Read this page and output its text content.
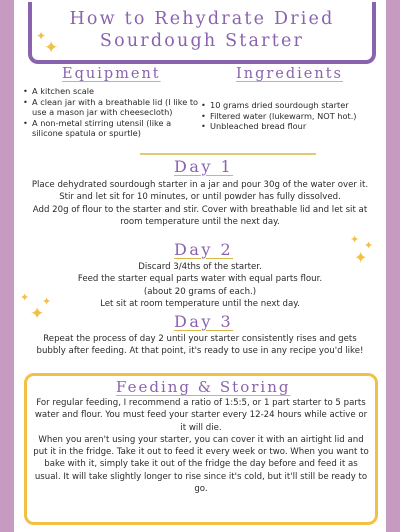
How to Rehydrate Dried
Sourdough Starter
✦
✦
Equipment
• A kitchen scale
• A clean jar with a breathable lid (I like to use a mason jar with cheesecloth)
• A non-metal stirring utensil (like a silicone spatula or spurtle)
Ingredients
• 10 grams dried sourdough starter
• Filtered water (lukewarm, NOT hot.)
• Unbleached bread flour
Day 1
Place dehydrated sourdough starter in a jar and pour 30g of the water over it. Stir and let sit for 10 minutes, or until powder has fully dissolved.
Add 20g of flour to the starter and stir. Cover with breathable lid and let sit at room temperature until the next day.
✦ ✦
✦
Day 2
Discard 3/4ths of the starter.
Feed the starter equal parts water with equal parts flour.
(about 20 grams of each.)
Let sit at room temperature until the next day.
✦ ✦
✦	Day 3
Repeat the process of day 2 until your starter consistently rises and gets bubbly after feeding. At that point, it's ready to use in any recipe you'd like!
Feeding & Storing
For regular feeding, I recommend a ratio of 1:5:5, or 1 part starter to 5 parts water and flour. You must feed your starter every 12-24 hours while active or it will die.
When you aren't using your starter, you can cover it with an airtight lid and put it in the fridge. Take it out to feed it every week or two. When you want to bake with it, simply take it out of the fridge the day before and feed it as usual. It will take slightly longer to rise since it's cold, but it'll still be ready to go.
